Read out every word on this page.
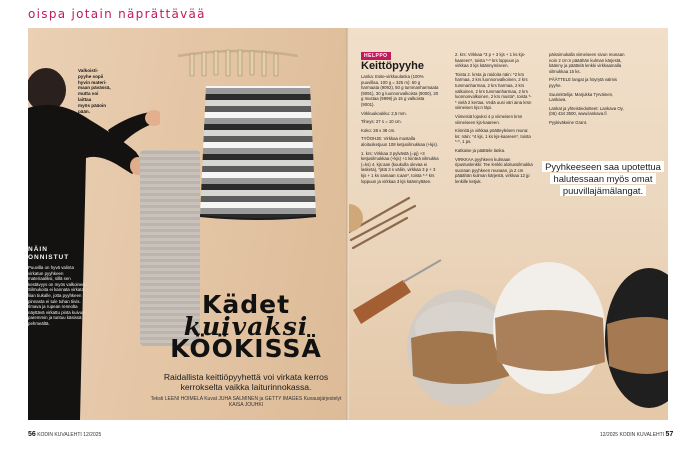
oispa jotain näprättävää

Valkoisti-

pyyhe sopii

hyvin materi-

maan pävässä,

mutta voi

laittaa

myös pääoin

pään.

NÄIN ONNISTUT

Puuvilla on hyvä valinta virkatun pyyhkeen materiaaliksi, sillä sen kestävyys on myös valkoinen. Silmukoita ei kannata virkata liian tiukalle, jotta pyyhkeen pinnasta ei tule tuhan tiivis. Ilmava ja rupean rennolta näyttävä virkattu pinta kuivuu paremmin ja tuntuu käsissä pehmeältä.

Kädet
kuivaksi
KÖÖKISSÄ

Raidallista keittiöpyyhettä voi virkata kerros kerrokselta vaikka laiturinnokassa.

Teksti LEENI HOIMELA Kuvat JUHA SALMINEN ja GETTY IMAGES Kuvausjärjestelyt KAISA JOUHKI

HELPPO
Keittöpyyhe

Lanka: Esite-virkkuulanka (100% puuvillaa, 100 g = 325 m): 50 g harmaata (9092), 50 g tummanharmaata (9091), 30 g luonnonvalkoista (9000), 20 g mustaa (9999) ja 15 g valkoista (9001).

Virkkuukoukku: 2,5 mm.

Tiheys: 27 s = 10 cm.

Koko: 38 x 38 cm.

TYÖOHJE: Virkkaa mustalla aloitusketjuun 108 ketjusilmukkaa (+kjs).

1. krs: Virkkaa 3 pylvästä (=pj) +3 ketjusilmukkaa (+kjs) +1 kiinteä silmukka (=ks) 4. kjs:aan (kuukulla olevaa ei lasketa), *jätä 3 s väliin, virkkaa 3 p + 3 kjs + 1 ks samaan s:aan*, toista *-* krs loppuun ja virkkaa 3 kjs käännyttäen.

2. krs: Virkkaa *3 p + 3 kjs + 1 ks kjs-kaareen*, toista *-* krs loppuun ja virkkaa 3 kjs käännymiseen.

Toista 2. krsta ja raidoita näin: *2 krs harmaa, 2 krs luonnonvalkoinen, 2 krs tummanharmaa, 2 krs harmaa, 2 krs valkoinen, 2 krs tummanharmaa, 2 krs luonnonvalkoinen, 2 krs musta*, toista *-* vielä 2 kertaa. Vedä uusi väri aina krsn viimeisen kjs:n läpi.

Viimeisiä lopuksi 4 p viimeisen krsn viimeiseen kjs-kaareen.

Kiinnitä ja virkkaa pöätteyleisen reuna: ks: näin: *4 kjs, 1 ks kjs-kaareen*, toista *-*, 1 ps.

Katkaise ja päättele lanka.

VIRKKAA pyyhkeen kulmaan ripustuslenkki: Tee lenkki aloitussilmukka suoraan pyyhkeen reunaan, ja 2 cm pääähän kulman kärjestä, virkkaa 12 jp lenkille ketjuk.

päissimukalla viimeiseen sivun reunaan noin 2 cm:n pääähän kulman kärjestä, käänny ja päättelä lenkki virkkaamalla silmukkaa 15 ks.

PÄÄTTELE langat ja höyrytä valmis pyyhe.

Suunnittelija: Marjukka Tyrväinen, Lankava.

Lankat ja yhteistiedoitteet: Lankava Oy, (06) 434 3500, www.lankava.fi

Pyykiväkeine Grant.

Pyyhkeeseen saa upotettua halutessaan myös omat puuvillajämälangat.

56 KODIN KUVALEHTI 12/2025	12/2025 KODIN KUVALEHTI 57
